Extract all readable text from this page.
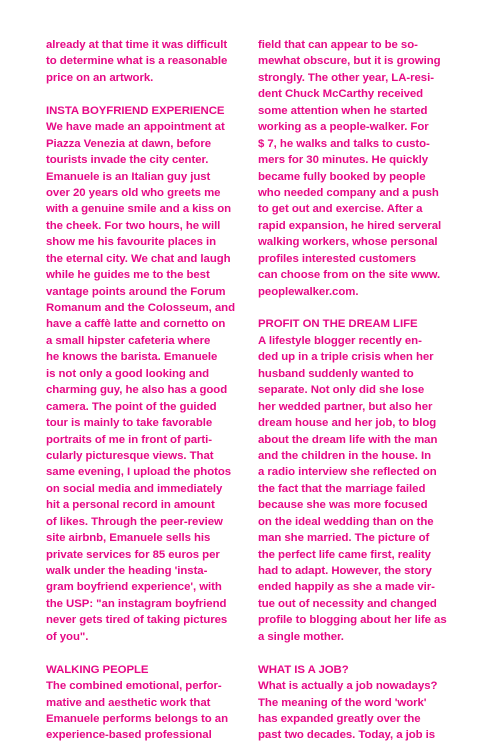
already at that time it was difficult
to determine what is a reasonable
price on an artwork.
INSTA BOYFRIEND EXPERIENCE
We have made an appointment at
Piazza Venezia at dawn, before
tourists invade the city center.
Emanuele is an Italian guy just
over 20 years old who greets me
with a genuine smile and a kiss on
the cheek. For two hours, he will
show me his favourite places in
the eternal city. We chat and laugh
while he guides me to the best
vantage points around the Forum
Romanum and the Colosseum, and
have a caffè latte and cornetto on
a small hipster cafeteria where
he knows the barista. Emanuele
is not only a good looking and
charming guy, he also has a good
camera. The point of the guided
tour is mainly to take favorable
portraits of me in front of parti-
cularly picturesque views. That
same evening, I upload the photos
on social media and immediately
hit a personal record in amount
of likes. Through the peer-review
site airbnb, Emanuele sells his
private services for 85 euros per
walk under the heading 'insta-
gram boyfriend experience', with
the USP: "an instagram boyfriend
never gets tired of taking pictures
of you".
WALKING PEOPLE
The combined emotional, perfor-
mative and aesthetic work that
Emanuele performs belongs to an
experience-based professional
field that can appear to be so-
mewhat obscure, but it is growing
strongly. The other year, LA-resi-
dent Chuck McCarthy received
some attention when he started
working as a people-walker. For
$ 7, he walks and talks to custo-
mers for 30 minutes. He quickly
became fully booked by people
who needed company and a push
to get out and exercise. After a
rapid expansion, he hired serveral
walking workers, whose personal
profiles interested customers
can choose from on the site www.
peoplewalker.com.
PROFIT ON THE DREAM LIFE
A lifestyle blogger recently en-
ded up in a triple crisis when her
husband suddenly wanted to
separate. Not only did she lose
her wedded partner, but also her
dream house and her job, to blog
about the dream life with the man
and the children in the house. In
a radio interview she reflected on
the fact that the marriage failed
because she was more focused
on the ideal wedding than on the
man she married. The picture of
the perfect life came first, reality
had to adapt. However, the story
ended happily as she a made vir-
tue out of necessity and changed
profile to blogging about her life as
a single mother.
WHAT IS A JOB?
What is actually a job nowadays?
The meaning of the word 'work'
has expanded greatly over the
past two decades. Today, a job is
